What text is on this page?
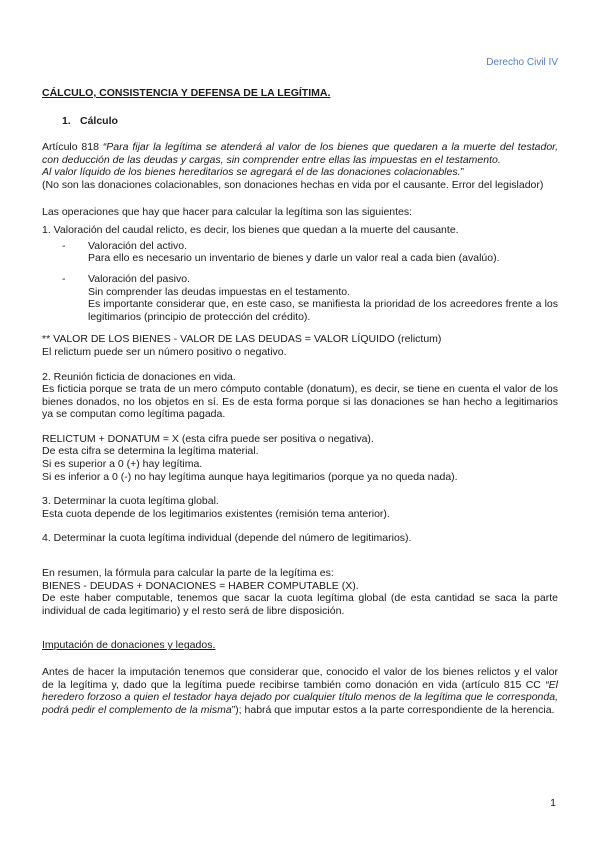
Derecho Civil IV

CÁLCULO, CONSISTENCIA Y DEFENSA DE LA LEGÍTIMA.

1. Cálculo

Artículo 818 “Para fijar la legítima se atenderá al valor de los bienes que quedaren a la muerte del testador, con deducción de las deudas y cargas, sin comprender entre ellas las impuestas en el testamento.

Al valor líquido de los bienes hereditarios se agregará el de las donaciones colacionables.”

(No son las donaciones colacionables, son donaciones hechas en vida por el causante. Error del legislador)

Las operaciones que hay que hacer para calcular la legítima son las siguientes:

1. Valoración del caudal relicto, es decir, los bienes que quedan a la muerte del causante.

-	Valoración del activo.
Para ello es necesario un inventario de bienes y darle un valor real a cada bien (avalúo).
-	Valoración del pasivo.
Sin comprender las deudas impuestas en el testamento.
Es importante considerar que, en este caso, se manifiesta la prioridad de los acreedores frente a los legitimarios (principio de protección del crédito).

** VALOR DE LOS BIENES - VALOR DE LAS DEUDAS = VALOR LÍQUIDO (relictum)

El relictum puede ser un número positivo o negativo.

2. Reunión ficticia de donaciones en vida.

Es ficticia porque se trata de un mero cómputo contable (donatum), es decir, se tiene en cuenta el valor de los bienes donados, no los objetos en sí. Es de esta forma porque si las donaciones se han hecho a legitimarios ya se computan como legítima pagada.

RELICTUM + DONATUM = X (esta cifra puede ser positiva o negativa).

De esta cifra se determina la legítima material.

Si es superior a 0 (+) hay legítima.

Si es inferior a 0 (-) no hay legítima aunque haya legitimarios (porque ya no queda nada).

3. Determinar la cuota legítima global.

Esta cuota depende de los legitimarios existentes (remisión tema anterior).

4. Determinar la cuota legítima individual (depende del número de legitimarios).

En resumen, la fórmula para calcular la parte de la legítima es:

BIENES - DEUDAS + DONACIONES = HABER COMPUTABLE (X).

De este haber computable, tenemos que sacar la cuota legítima global (de esta cantidad se saca la parte individual de cada legitimario) y el resto será de libre disposición.

Imputación de donaciones y legados.

Antes de hacer la imputación tenemos que considerar que, conocido el valor de los bienes relictos y el valor de la legítima y, dado que la legítima puede recibirse también como donación en vida (artículo 815 CC “El heredero forzoso a quien el testador haya dejado por cualquier título menos de la legítima que le corresponda, podrá pedir el complemento de la misma”); habrá que imputar estos a la parte correspondiente de la herencia.

1
